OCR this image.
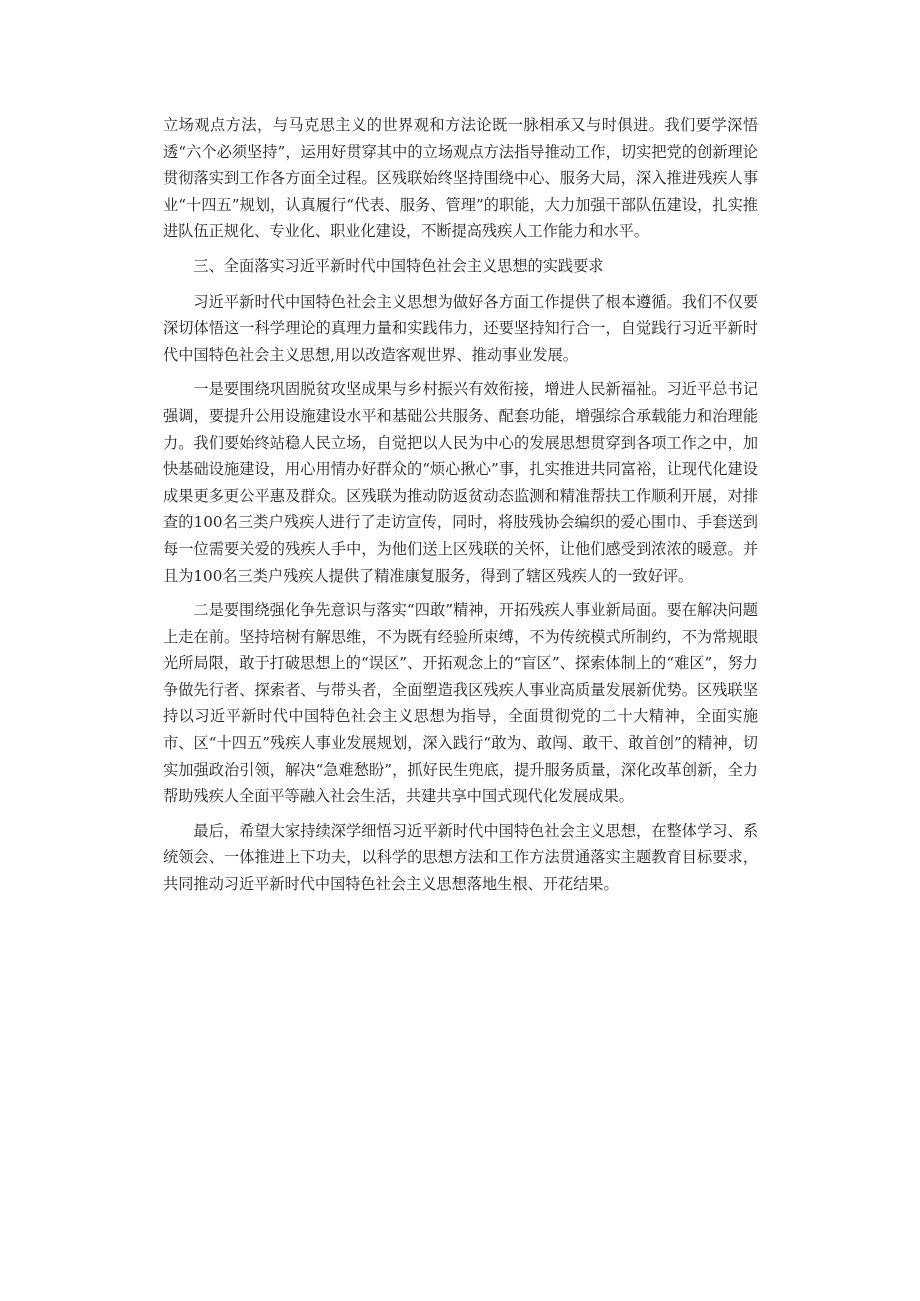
立场观点方法，与马克思主义的世界观和方法论既一脉相承又与时俱进。我们要学深悟透“六个必须坚持”，运用好贯穿其中的立场观点方法指导推动工作，切实把党的创新理论贯彻落实到工作各方面全过程。区残联始终坚持围绕中心、服务大局，深入推进残疾人事业“十四五”规划，认真履行“代表、服务、管理”的职能，大力加强干部队伍建设，扎实推进队伍正规化、专业化、职业化建设，不断提高残疾人工作能力和水平。

三、全面落实习近平新时代中国特色社会主义思想的实践要求

习近平新时代中国特色社会主义思想为做好各方面工作提供了根本遵循。我们不仅要深切体悟这一科学理论的真理力量和实践伟力，还要坚持知行合一，自觉践行习近平新时代中国特色社会主义思想,用以改造客观世界、推动事业发展。

一是要围绕巩固脱贫攻坚成果与乡村振兴有效衔接，增进人民新福祉。习近平总书记强调，要提升公用设施建设水平和基础公共服务、配套功能，增强综合承载能力和治理能力。我们要始终站稳人民立场，自觉把以人民为中心的发展思想贯穿到各项工作之中，加快基础设施建设，用心用情办好群众的“烦心揪心”事，扎实推进共同富裕，让现代化建设成果更多更公平惠及群众。区残联为推动防返贫动态监测和精准帮扶工作顺利开展，对排查的100名三类户残疾人进行了走访宣传，同时，将肢残协会编织的爱心围巾、手套送到每一位需要关爱的残疾人手中，为他们送上区残联的关怀，让他们感受到浓浓的暖意。并且为100名三类户残疾人提供了精准康复服务，得到了辖区残疾人的一致好评。

二是要围绕强化争先意识与落实“四敢”精神，开拓残疾人事业新局面。要在解决问题上走在前。坚持培树有解思维，不为既有经验所束缚，不为传统模式所制约，不为常规眼光所局限，敢于打破思想上的“误区”、开拓观念上的“盲区”、探索体制上的“难区”，努力争做先行者、探索者、与带头者，全面塑造我区残疾人事业高质量发展新优势。区残联坚持以习近平新时代中国特色社会主义思想为指导，全面贯彻党的二十大精神，全面实施市、区“十四五”残疾人事业发展规划，深入践行“敢为、敢闯、敢干、敢首创”的精神，切实加强政治引领，解决“急难愁盼”，抓好民生兜底，提升服务质量，深化改革创新，全力帮助残疾人全面平等融入社会生活，共建共享中国式现代化发展成果。

最后，希望大家持续深学细悟习近平新时代中国特色社会主义思想，在整体学习、系统领会、一体推进上下功夫，以科学的思想方法和工作方法贯通落实主题教育目标要求，共同推动习近平新时代中国特色社会主义思想落地生根、开花结果。
